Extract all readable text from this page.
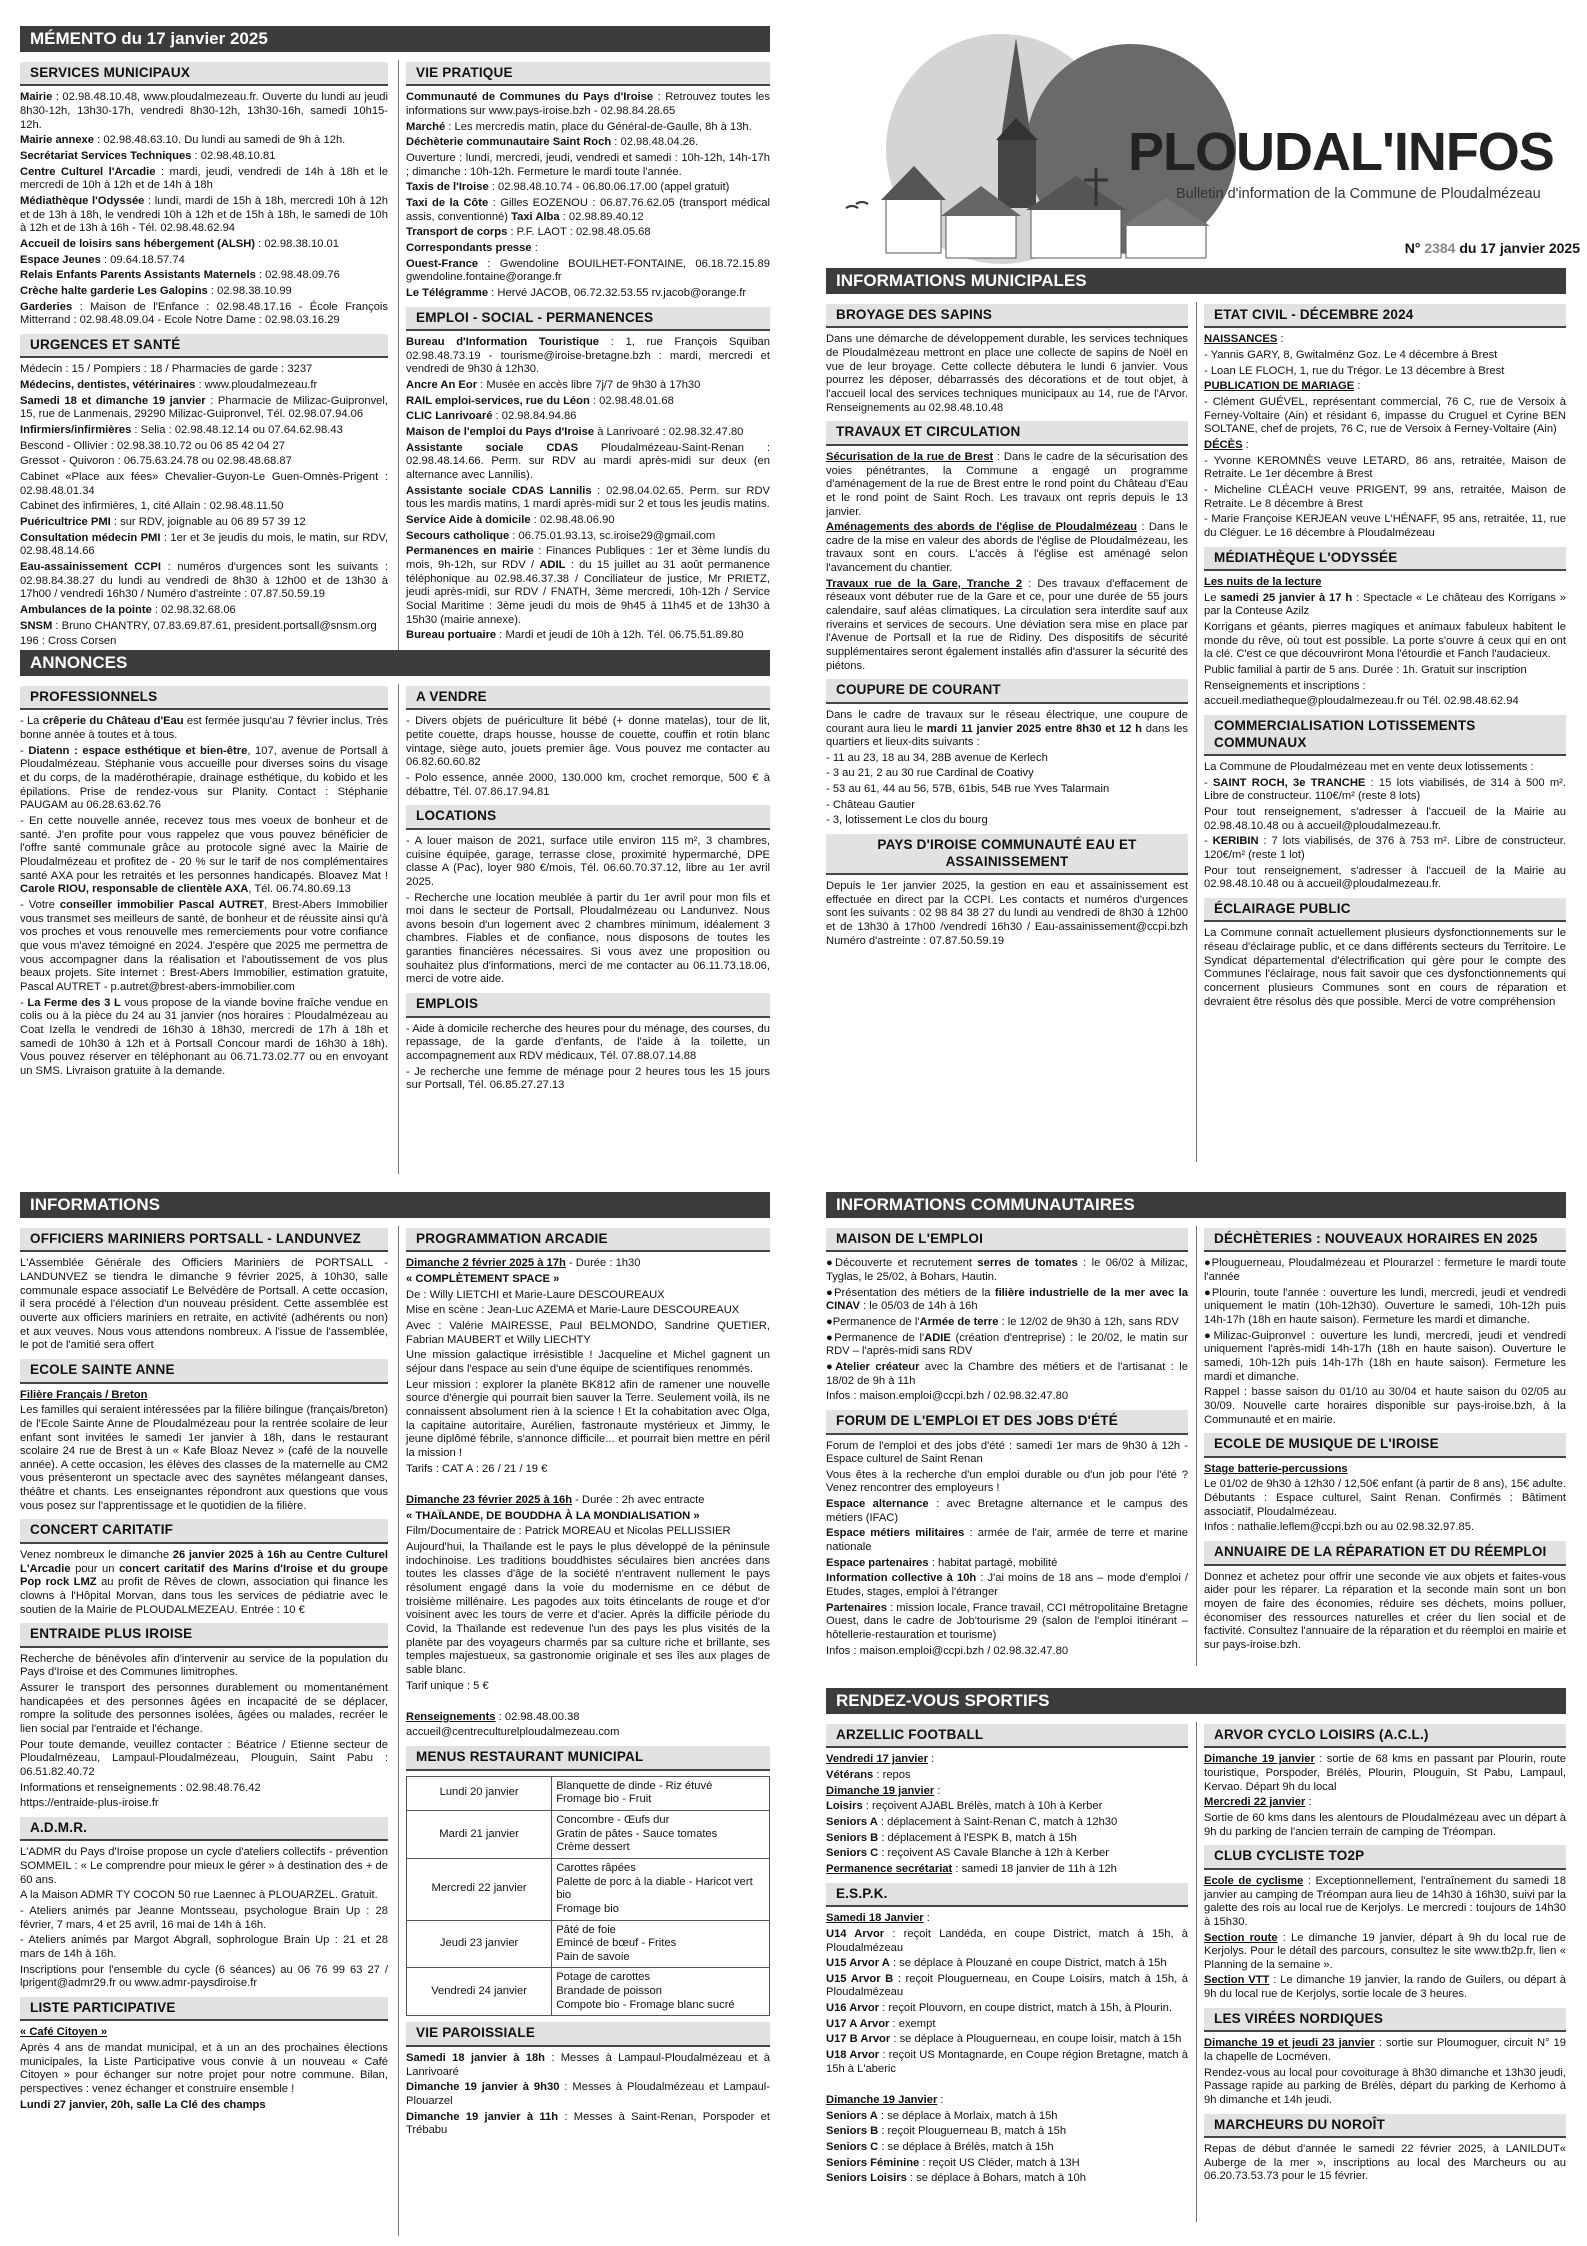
MÉMENTO du 17 janvier 2025
SERVICES MUNICIPAUX
Mairie : 02.98.48.10.48, www.ploudalmezeau.fr. Ouverte du lundi au jeudi 8h30-12h, 13h30-17h, vendredi 8h30-12h, 13h30-16h, samedi 10h15-12h.
Mairie annexe : 02.98.48.63.10. Du lundi au samedi de 9h à 12h.
Secrétariat Services Techniques : 02.98.48.10.81
Centre Culturel l'Arcadie : mardi, jeudi, vendredi de 14h à 18h et le mercredi de 10h à 12h et de 14h à 18h
Médiathèque l'Odyssée : lundi, mardi de 15h à 18h, mercredi 10h à 12h et de 13h à 18h, le vendredi 10h à 12h et de 15h à 18h, le samedi de 10h à 12h et de 13h à 16h - Tél. 02.98.48.62.94
Accueil de loisirs sans hébergement (ALSH) : 02.98.38.10.01
Espace Jeunes : 09.64.18.57.74
Relais Enfants Parents Assistants Maternels : 02.98.48.09.76
Crèche halte garderie Les Galopins : 02.98.38.10.99
Garderies : Maison de l'Enfance : 02.98.48.17.16 - École François Mitterrand : 02.98.48.09.04 - Ecole Notre Dame : 02.98.03.16.29
URGENCES ET SANTÉ
Médecin : 15 / Pompiers : 18 / Pharmacies de garde : 3237
Médecins, dentistes, vétérinaires : www.ploudalmezeau.fr
Samedi 18 et dimanche 19 janvier : Pharmacie de Milizac-Guipronvel, 15, rue de Lanmenais, 29290 Milizac-Guipronvel, Tél. 02.98.07.94.06
Infirmiers/infirmières : Selia : 02.98.48.12.14 ou 07.64.62.98.43
Bescond - Ollivier : 02.98.38.10.72 ou 06 85 42 04 27
Gressot - Quivoron : 06.75.63.24.78 ou 02.98.48.68.87
Cabinet «Place aux fées» Chevalier-Guyon-Le Guen-Omnès-Prigent : 02.98.48.01.34
Cabinet des infirmières, 1, cité Allain : 02.98.48.11.50
Puéricultrice PMI : sur RDV, joignable au 06 89 57 39 12
Consultation médecin PMI : 1er et 3e jeudis du mois, le matin, sur RDV, 02.98.48.14.66
Eau-assainissement CCPI : numéros d'urgences sont les suivants : 02.98.84.38.27 du lundi au vendredi de 8h30 à 12h00 et de 13h30 à 17h00 / vendredi 16h30 / Numéro d'astreinte : 07.87.50.59.19
Ambulances de la pointe : 02.98.32.68.06
SNSM : Bruno CHANTRY, 07.83.69.87.61, president.portsall@snsm.org
196 : Cross Corsen
VIE PRATIQUE
Communauté de Communes du Pays d'Iroise : Retrouvez toutes les informations sur www.pays-iroise.bzh - 02.98.84.28.65
Marché : Les mercredis matin, place du Général-de-Gaulle, 8h à 13h.
Déchèterie communautaire Saint Roch : 02.98.48.04.26.
Ouverture : lundi, mercredi, jeudi, vendredi et samedi : 10h-12h, 14h-17h ; dimanche : 10h-12h. Fermeture le mardi toute l'année.
Taxis de l'Iroise : 02.98.48.10.74 - 06.80.06.17.00 (appel gratuit)
Taxi de la Côte : Gilles EOZENOU : 06.87.76.62.05 (transport médical assis, conventionné) Taxi Alba : 02.98.89.40.12
Transport de corps : P.F. LAOT : 02.98.48.05.68
Correspondants presse :
Ouest-France : Gwendoline BOUILHET-FONTAINE, 06.18.72.15.89 gwendoline.fontaine@orange.fr
Le Télégramme : Hervé JACOB, 06.72.32.53.55 rv.jacob@orange.fr
EMPLOI - SOCIAL - PERMANENCES
Bureau d'Information Touristique : 1, rue François Squiban 02.98.48.73.19 - tourisme@iroise-bretagne.bzh : mardi, mercredi et vendredi de 9h30 à 12h30.
Ancre An Eor : Musée en accès libre 7j/7 de 9h30 à 17h30
RAIL emploi-services, rue du Léon : 02.98.48.01.68
CLIC Lanrivoaré : 02.98.84.94.86
Maison de l'emploi du Pays d'Iroise à Lanrivoaré : 02.98.32.47.80
Assistante sociale CDAS Ploudalmézeau-Saint-Renan : 02.98.48.14.66. Perm. sur RDV au mardi après-midi sur deux (en alternance avec Lannilis).
Assistante sociale CDAS Lannilis : 02.98.04.02.65. Perm. sur RDV tous les mardis matins, 1 mardi après-midi sur 2 et tous les jeudis matins.
Service Aide à domicile : 02.98.48.06.90
Secours catholique : 06.75.01.93.13, sc.iroise29@gmail.com
Permanences en mairie : Finances Publiques : 1er et 3ème lundis du mois, 9h-12h, sur RDV / ADIL : du 15 juillet au 31 août permanence téléphonique au 02.98.46.37.38 / Conciliateur de justice, Mr PRIETZ, jeudi après-midi, sur RDV / FNATH, 3ème mercredi, 10h-12h / Service Social Maritime : 3ème jeudi du mois de 9h45 à 11h45 et de 13h30 à 15h30 (mairie annexe).
Bureau portuaire : Mardi et jeudi de 10h à 12h. Tél. 06.75.51.89.80
ANNONCES
PROFESSIONNELS
- La crêperie du Château d'Eau est fermée jusqu'au 7 février inclus. Très bonne année à toutes et à tous.
- Diatenn : espace esthétique et bien-être, 107, avenue de Portsall à Ploudalmézeau. Stéphanie vous accueille pour diverses soins du visage et du corps, de la madérothérapie, drainage esthétique, du kobido et les épilations. Prise de rendez-vous sur Planity. Contact : Stéphanie PAUGAM au 06.28.63.62.76
- En cette nouvelle année, recevez tous mes voeux de bonheur et de santé. J'en profite pour vous rappelez que vous pouvez bénéficier de l'offre santé communale grâce au protocole signé avec la Mairie de Ploudalmézeau et profitez de - 20 % sur le tarif de nos complémentaires santé AXA pour les retraités et les personnes handicapés. Bloavez Mat ! Carole RIOU, responsable de clientèle AXA, Tél. 06.74.80.69.13
- Votre conseiller immobilier Pascal AUTRET, Brest-Abers Immobilier vous transmet ses meilleurs de santé, de bonheur et de réussite ainsi qu'à vos proches et vous renouvelle mes remerciements pour votre confiance que vous m'avez témoigné en 2024. J'espère que 2025 me permettra de vous accompagner dans la réalisation et l'aboutissement de vos plus beaux projets. Site internet : Brest-Abers Immobilier, estimation gratuite, Pascal AUTRET - p.autret@brest-abers-immobilier.com
- La Ferme des 3 L vous propose de la viande bovine fraîche vendue en colis ou à la pièce du 24 au 31 janvier (nos horaires : Ploudalmézeau au Coat Izella le vendredi de 16h30 à 18h30, mercredi de 17h à 18h et samedi de 10h30 à 12h et à Portsall Concour mardi de 16h30 à 18h). Vous pouvez réserver en téléphonant au 06.71.73.02.77 ou en envoyant un SMS. Livraison gratuite à la demande.
A VENDRE
- Divers objets de puériculture lit bébé (+ donne matelas), tour de lit, petite couette, draps housse, housse de couette, couffin et rotin blanc vintage, siège auto, jouets premier âge. Vous pouvez me contacter au 06.82.60.60.82
- Polo essence, année 2000, 130.000 km, crochet remorque, 500 € à débattre, Tél. 07.86.17.94.81
LOCATIONS
- A louer maison de 2021, surface utile environ 115 m², 3 chambres, cuisine équipée, garage, terrasse close, proximité hypermarché, DPE classe A (Pac), loyer 980 €/mois, Tél. 06.60.70.37.12, libre au 1er avril 2025.
- Recherche une location meublée à partir du 1er avril pour mon fils et moi dans le secteur de Portsall, Ploudalmézeau ou Landunvez. Nous avons besoin d'un logement avec 2 chambres minimum, idéalement 3 chambres. Fiables et de confiance, nous disposons de toutes les garanties financières nécessaires. Si vous avez une proposition ou souhaitez plus d'informations, merci de me contacter au 06.11.73.18.06, merci de votre aide.
EMPLOIS
- Aide à domicile recherche des heures pour du ménage, des courses, du repassage, de la garde d'enfants, de l'aide à la toilette, un accompagnement aux RDV médicaux, Tél. 07.88.07.14.88
- Je recherche une femme de ménage pour 2 heures tous les 15 jours sur Portsall, Tél. 06.85.27.27.13
PLOUDAL'INFOS
Bulletin d'information de la Commune de Ploudalmézeau
N° 2384 du 17 janvier 2025
INFORMATIONS MUNICIPALES
BROYAGE DES SAPINS
Dans une démarche de développement durable, les services techniques de Ploudalmézeau mettront en place une collecte de sapins de Noël en vue de leur broyage. Cette collecte débutera le lundi 6 janvier. Vous pourrez les déposer, débarrassés des décorations et de tout objet, à l'accueil local des services techniques municipaux au 14, rue de l'Arvor. Renseignements au 02.98.48.10.48
TRAVAUX ET CIRCULATION
Sécurisation de la rue de Brest : Dans le cadre de la sécurisation des voies pénétrantes, la Commune a engagé un programme d'aménagement de la rue de Brest entre le rond point du Château d'Eau et le rond point de Saint Roch. Les travaux ont repris depuis le 13 janvier.
Aménagements des abords de l'église de Ploudalmézeau : Dans le cadre de la mise en valeur des abords de l'église de Ploudalmézeau, les travaux sont en cours. L'accès à l'église est aménagé selon l'avancement du chantier.
Travaux rue de la Gare, Tranche 2 : Des travaux d'effacement de réseaux vont débuter rue de la Gare et ce, pour une durée de 55 jours calendaire, sauf aléas climatiques. La circulation sera interdite sauf aux riverains et services de secours. Une déviation sera mise en place par l'Avenue de Portsall et la rue de Ridiny. Des dispositifs de sécurité supplémentaires seront également installés afin d'assurer la sécurité des piétons.
COUPURE DE COURANT
Dans le cadre de travaux sur le réseau électrique, une coupure de courant aura lieu le mardi 11 janvier 2025 entre 8h30 et 12 h dans les quartiers et lieux-dits suivants :
- 11 au 23, 18 au 34, 28B avenue de Kerlech
- 3 au 21, 2 au 30 rue Cardinal de Coativy
- 53 au 61, 44 au 56, 57B, 61bis, 54B rue Yves Talarmain
- Château Gautier
- 3, lotissement Le clos du bourg
PAYS D'IROISE COMMUNAUTÉ EAU ET ASSAINISSEMENT
Depuis le 1er janvier 2025, la gestion en eau et assainissement est effectuée en direct par la CCPI. Les contacts et numéros d'urgences sont les suivants : 02 98 84 38 27 du lundi au vendredi de 8h30 à 12h00 et de 13h30 à 17h00 /vendredi 16h30 / Eau-assainissement@ccpi.bzh Numéro d'astreinte : 07.87.50.59.19
ETAT CIVIL - DÉCEMBRE 2024
NAISSANCES :
- Yannis GARY, 8, Gwitalménz Goz. Le 4 décembre à Brest
- Loan LE FLOCH, 1, rue du Trégor. Le 13 décembre à Brest
PUBLICATION DE MARIAGE :
- Clément GUÉVEL, représentant commercial, 76 C, rue de Versoix à Ferney-Voltaire (Ain) et résidant 6, impasse du Cruguel et Cyrine BEN SOLTANE, chef de projets, 76 C, rue de Versoix à Ferney-Voltaire (Ain)
DÉCÈS :
- Yvonne KEROMNÈS veuve LETARD, 86 ans, retraitée, Maison de Retraite. Le 1er décembre à Brest
- Micheline CLÉACH veuve PRIGENT, 99 ans, retraitée, Maison de Retraite. Le 8 décembre à Brest
- Marie Françoise KERJEAN veuve L'HÉNAFF, 95 ans, retraitée, 11, rue du Cléguer. Le 16 décembre à Ploudalmézeau
MÉDIATHÈQUE L'ODYSSÉE
Les nuits de la lecture
Le samedi 25 janvier à 17 h : Spectacle « Le château des Korrigans » par la Conteuse Azilz
Korrigans et géants, pierres magiques et animaux fabuleux habitent le monde du rêve, où tout est possible. La porte s'ouvre à ceux qui en ont la clé. C'est ce que découvriront Mona l'étourdie et Fanch l'audacieux.
Public familial à partir de 5 ans. Durée : 1h. Gratuit sur inscription
Renseignements et inscriptions :
accueil.mediatheque@ploudalmezeau.fr ou Tél. 02.98.48.62.94
COMMERCIALISATION LOTISSEMENTS COMMUNAUX
La Commune de Ploudalmézeau met en vente deux lotissements :
- SAINT ROCH, 3e TRANCHE : 15 lots viabilisés, de 314 à 500 m². Libre de constructeur. 110€/m² (reste 8 lots)
Pour tout renseignement, s'adresser à l'accueil de la Mairie au 02.98.48.10.48 ou à accueil@ploudalmezeau.fr.
- KERIBIN : 7 lots viabilisés, de 376 à 753 m². Libre de constructeur. 120€/m² (reste 1 lot)
Pour tout renseignement, s'adresser à l'accueil de la Mairie au 02.98.48.10.48 ou à accueil@ploudalmezeau.fr.
ÉCLAIRAGE PUBLIC
La Commune connaît actuellement plusieurs dysfonctionnements sur le réseau d'éclairage public, et ce dans différents secteurs du Territoire. Le Syndicat départemental d'électrification qui gère pour le compte des Communes l'éclairage, nous fait savoir que ces dysfonctionnements qui concernent plusieurs Communes sont en cours de réparation et devraient être résolus dès que possible. Merci de votre compréhension
INFORMATIONS
OFFICIERS MARINIERS PORTSALL - LANDUNVEZ
L'Assemblée Générale des Officiers Mariniers de PORTSALL - LANDUNVEZ se tiendra le dimanche 9 février 2025, à 10h30, salle communale espace associatif Le Belvédère de Portsall. A cette occasion, il sera procédé à l'élection d'un nouveau président. Cette assemblée est ouverte aux officiers mariniers en retraite, en activité (adhérents ou non) et aux veuves. Nous vous attendons nombreux. A l'issue de l'assemblée, le pot de l'amitié sera offert
ECOLE SAINTE ANNE
Filière Français / Breton
Les familles qui seraient intéressées par la filière bilingue (français/breton) de l'Ecole Sainte Anne de Ploudalmézeau pour la rentrée scolaire de leur enfant sont invitées le samedi 1er janvier à 18h, dans le restaurant scolaire 24 rue de Brest à un « Kafe Bloaz Nevez » (café de la nouvelle année). A cette occasion, les élèves des classes de la maternelle au CM2 vous présenteront un spectacle avec des saynètes mélangeant danses, théâtre et chants. Les enseignantes répondront aux questions que vous vous posez sur l'apprentissage et le quotidien de la filière.
CONCERT CARITATIF
Venez nombreux le dimanche 26 janvier 2025 à 16h au Centre Culturel L'Arcadie pour un concert caritatif des Marins d'Iroise et du groupe Pop rock LMZ au profit de Rêves de clown, association qui finance les clowns à l'Hôpital Morvan, dans tous les services de pédiatrie avec le soutien de la Mairie de PLOUDALMEZEAU. Entrée : 10 €
ENTRAIDE PLUS IROISE
Recherche de bénévoles afin d'intervenir au service de la population du Pays d'Iroise et des Communes limitrophes.
Assurer le transport des personnes durablement ou momentanément handicapées et des personnes âgées en incapacité de se déplacer, rompre la solitude des personnes isolées, âgées ou malades, recréer le lien social par l'entraide et l'échange.
Pour toute demande, veuillez contacter : Béatrice / Etienne secteur de Ploudalmézeau, Lampaul-Ploudalmézeau, Plouguin, Saint Pabu : 06.51.82.40.72
Informations et renseignements : 02.98.48.76.42
https://entraide-plus-iroise.fr
A.D.M.R.
L'ADMR du Pays d'Iroise propose un cycle d'ateliers collectifs - prévention SOMMEIL : « Le comprendre pour mieux le gérer » à destination des + de 60 ans.
A la Maison ADMR TY COCON 50 rue Laennec à PLOUARZEL. Gratuit.
- Ateliers animés par Jeanne Montsseau, psychologue Brain Up : 28 février, 7 mars, 4 et 25 avril, 16 mai de 14h à 16h.
- Ateliers animés par Margot Abgrall, sophrologue Brain Up : 21 et 28 mars de 14h à 16h.
Inscriptions pour l'ensemble du cycle (6 séances) au 06 76 99 63 27 / lprigent@admr29.fr ou www.admr-paysdiroise.fr
LISTE PARTICIPATIVE
« Café Citoyen »
Après 4 ans de mandat municipal, et à un an des prochaines élections municipales, la Liste Participative vous convie à un nouveau « Café Citoyen » pour échanger sur notre projet pour notre commune. Bilan, perspectives : venez échanger et construire ensemble !
Lundi 27 janvier, 20h, salle La Clé des champs
PROGRAMMATION ARCADIE
Dimanche 2 février 2025 à 17h - Durée : 1h30
« COMPLÈTEMENT SPACE »
De : Willy LIETCHI et Marie-Laure DESCOUREAUX
Mise en scène : Jean-Luc AZEMA et Marie-Laure DESCOUREAUX
Avec : Valérie MAIRESSE, Paul BELMONDO, Sandrine QUETIER, Fabrian MAUBERT et Willy LIECHTY
Une mission galactique irrésistible ! Jacqueline et Michel gagnent un séjour dans l'espace au sein d'une équipe de scientifiques renommés.
Leur mission : explorer la planète BK812 afin de ramener une nouvelle source d'énergie qui pourrait bien sauver la Terre. Seulement voilà, ils ne connaissent absolument rien à la science ! Et la cohabitation avec Olga, la capitaine autoritaire, Aurélien, fastronaute mystérieux et Jimmy, le jeune diplômé fébrile, s'annonce difficile... et pourrait bien mettre en péril la mission !
Tarifs : CAT A : 26 / 21 / 19 €

Dimanche 23 février 2025 à 16h - Durée : 2h avec entracte
« THAÏLANDE, DE BOUDDHA À LA MONDIALISATION »
Film/Documentaire de : Patrick MOREAU et Nicolas PELLISSIER
Aujourd'hui, la Thaïlande est le pays le plus développé de la péninsule indochinoise. Les traditions bouddhistes séculaires bien ancrées dans toutes les classes d'âge de la société n'entravent nullement le pays résolument engagé dans la voie du modernisme en ce début de troisième millénaire. Les pagodes aux toits étincelants de rouge et d'or voisinent avec les tours de verre et d'acier. Après la difficile période du Covid, la Thaïlande est redevenue l'un des pays les plus visités de la planète par des voyageurs charmés par sa culture riche et brillante, ses temples majestueux, sa gastronomie originale et ses îles aux plages de sable blanc.
Tarif unique : 5 €

Renseignements : 02.98.48.00.38
accueil@centreculturelploudalmezeau.com
MENUS RESTAURANT MUNICIPAL
Lundi 20 janvier	Blanquette de dinde - Riz étuvé
Fromage bio - Fruit
Mardi 21 janvier	Concombre - Œufs dur
Gratin de pâtes - Sauce tomates
Crème dessert
Mercredi 22 janvier	Carottes râpées
Palette de porc à la diable - Haricot vert bio
Fromage bio
Jeudi 23 janvier	Pâté de foie
Emincé de bœuf - Frites
Pain de savoie
Vendredi 24 janvier	Potage de carottes
Brandade de poisson
Compote bio - Fromage blanc sucré
VIE PAROISSIALE
Samedi 18 janvier à 18h : Messes à Lampaul-Ploudalmézeau et à Lanrivoaré
Dimanche 19 janvier à 9h30 : Messes à Ploudalmézeau et Lampaul-Plouarzel
Dimanche 19 janvier à 11h : Messes à Saint-Renan, Porspoder et Trébabu
INFORMATIONS COMMUNAUTAIRES
MAISON DE L'EMPLOI
●Découverte et recrutement serres de tomates : le 06/02 à Milizac, Tyglas, le 25/02, à Bohars, Hautin.
●Présentation des métiers de la filière industrielle de la mer avec la CINAV : le 05/03 de 14h à 16h
●Permanence de l'Armée de terre : le 12/02 de 9h30 à 12h, sans RDV
●Permanence de l'ADIE (création d'entreprise) : le 20/02, le matin sur RDV – l'après-midi sans RDV
●Atelier créateur avec la Chambre des métiers et de l'artisanat : le 18/02 de 9h à 11h
Infos : maison.emploi@ccpi.bzh / 02.98.32.47.80
FORUM DE L'EMPLOI ET DES JOBS D'ÉTÉ
Forum de l'emploi et des jobs d'été : samedi 1er mars de 9h30 à 12h - Espace culturel de Saint Renan
Vous êtes à la recherche d'un emploi durable ou d'un job pour l'été ? Venez rencontrer des employeurs !
Espace alternance : avec Bretagne alternance et le campus des métiers (IFAC)
Espace métiers militaires : armée de l'air, armée de terre et marine nationale
Espace partenaires : habitat partagé, mobilité
Information collective à 10h : J'ai moins de 18 ans – mode d'emploi / Etudes, stages, emploi à l'étranger
Partenaires : mission locale, France travail, CCI métropolitaine Bretagne Ouest, dans le cadre de Job'tourisme 29 (salon de l'emploi itinérant – hôtellerie-restauration et tourisme)
Infos : maison.emploi@ccpi.bzh / 02.98.32.47.80
DÉCHÈTERIES : NOUVEAUX HORAIRES EN 2025
●Plouguerneau, Ploudalmézeau et Plourarzel : fermeture le mardi toute l'année
●Plourin, toute l'année : ouverture les lundi, mercredi, jeudi et vendredi uniquement le matin (10h-12h30). Ouverture le samedi, 10h-12h puis 14h-17h (18h en haute saison). Fermeture les mardi et dimanche.
●Milizac-Guipronvel : ouverture les lundi, mercredi, jeudi et vendredi uniquement l'après-midi 14h-17h (18h en haute saison). Ouverture le samedi, 10h-12h puis 14h-17h (18h en haute saison). Fermeture les mardi et dimanche.
Rappel : basse saison du 01/10 au 30/04 et haute saison du 02/05 au 30/09. Nouvelle carte horaires disponible sur pays-iroise.bzh, à la Communauté et en mairie.
ECOLE DE MUSIQUE DE L'IROISE
Stage batterie-percussions
Le 01/02 de 9h30 à 12h30 / 12,50€ enfant (à partir de 8 ans), 15€ adulte. Débutants : Espace culturel, Saint Renan. Confirmés : Bâtiment associatif, Ploudalmézeau.
Infos : nathalie.leflem@ccpi.bzh ou au 02.98.32.97.85.
ANNUAIRE DE LA RÉPARATION ET DU RÉEMPLOI
Donnez et achetez pour offrir une seconde vie aux objets et faites-vous aider pour les réparer. La réparation et la seconde main sont un bon moyen de faire des économies, réduire ses déchets, moins polluer, économiser des ressources naturelles et créer du lien social et de factivité. Consultez l'annuaire de la réparation et du réemploi en mairie et sur pays-iroise.bzh.
RENDEZ-VOUS SPORTIFS
ARZELLIC FOOTBALL
Vendredi 17 janvier :
Vétérans : repos
Dimanche 19 janvier :
Loisirs : reçoivent AJABL Brélès, match à 10h à Kerber
Seniors A : déplacement à Saint-Renan C, match à 12h30
Seniors B : déplacement à l'ESPK B, match à 15h
Seniors C : reçoivent AS Cavale Blanche à 12h à Kerber
Permanence secrétariat : samedi 18 janvier de 11h à 12h
E.S.P.K.
Samedi 18 Janvier :
U14 Arvor : reçoit Landéda, en coupe District, match à 15h, à Ploudalmézeau
U15 Arvor A : se déplace à Plouzané en coupe District, match à 15h
U15 Arvor B : reçoit Plouguerneau, en Coupe Loisirs, match à 15h, à Ploudalmézeau
U16 Arvor : reçoit Plouvorn, en coupe district, match à 15h, à Plourin.
U17 A Arvor : exempt
U17 B Arvor : se déplace à Plouguerneau, en coupe loisir, match à 15h
U18 Arvor : reçoit US Montagnarde, en Coupe région Bretagne, match à 15h à L'aberic

Dimanche 19 Janvier :
Seniors A : se déplace à Morlaix, match à 15h
Seniors B : reçoit Plouguerneau B, match à 15h
Seniors C : se déplace à Brélès, match à 15h
Seniors Féminine : reçoit US Cléder, match à 13H
Seniors Loisirs : se déplace à Bohars, match à 10h
ARVOR CYCLO LOISIRS (A.C.L.)
Dimanche 19 janvier : sortie de 68 kms en passant par Plourin, route touristique, Porspoder, Brélès, Plourin, Plouguin, St Pabu, Lampaul, Kervao. Départ 9h du local
Mercredi 22 janvier :
Sortie de 60 kms dans les alentours de Ploudalmézeau avec un départ à 9h du parking de l'ancien terrain de camping de Tréompan.
CLUB CYCLISTE TO2P
Ecole de cyclisme : Exceptionnellement, l'entraînement du samedi 18 janvier au camping de Tréompan aura lieu de 14h30 à 16h30, suivi par la galette des rois au local rue de Kerjolys. Le mercredi : toujours de 14h30 à 15h30.
Section route : Le dimanche 19 janvier, départ à 9h du local rue de Kerjolys. Pour le détail des parcours, consultez le site www.tb2p.fr, lien « Planning de la semaine ».
Section VTT : Le dimanche 19 janvier, la rando de Guilers, ou départ à 9h du local rue de Kerjolys, sortie locale de 3 heures.
LES VIRÉES NORDIQUES
Dimanche 19 et jeudi 23 janvier : sortie sur Ploumoguer, circuit N° 19 la chapelle de Locméven.
Rendez-vous au local pour covoiturage à 8h30 dimanche et 13h30 jeudi, Passage rapide au parking de Brélès, départ du parking de Kerhomo à 9h dimanche et 14h jeudi.
MARCHEURS DU NOROÎT
Repas de début d'année le samedi 22 février 2025, à LANILDUT« Auberge de la mer », inscriptions au local des Marcheurs ou au 06.20.73.53.73 pour le 15 février.
